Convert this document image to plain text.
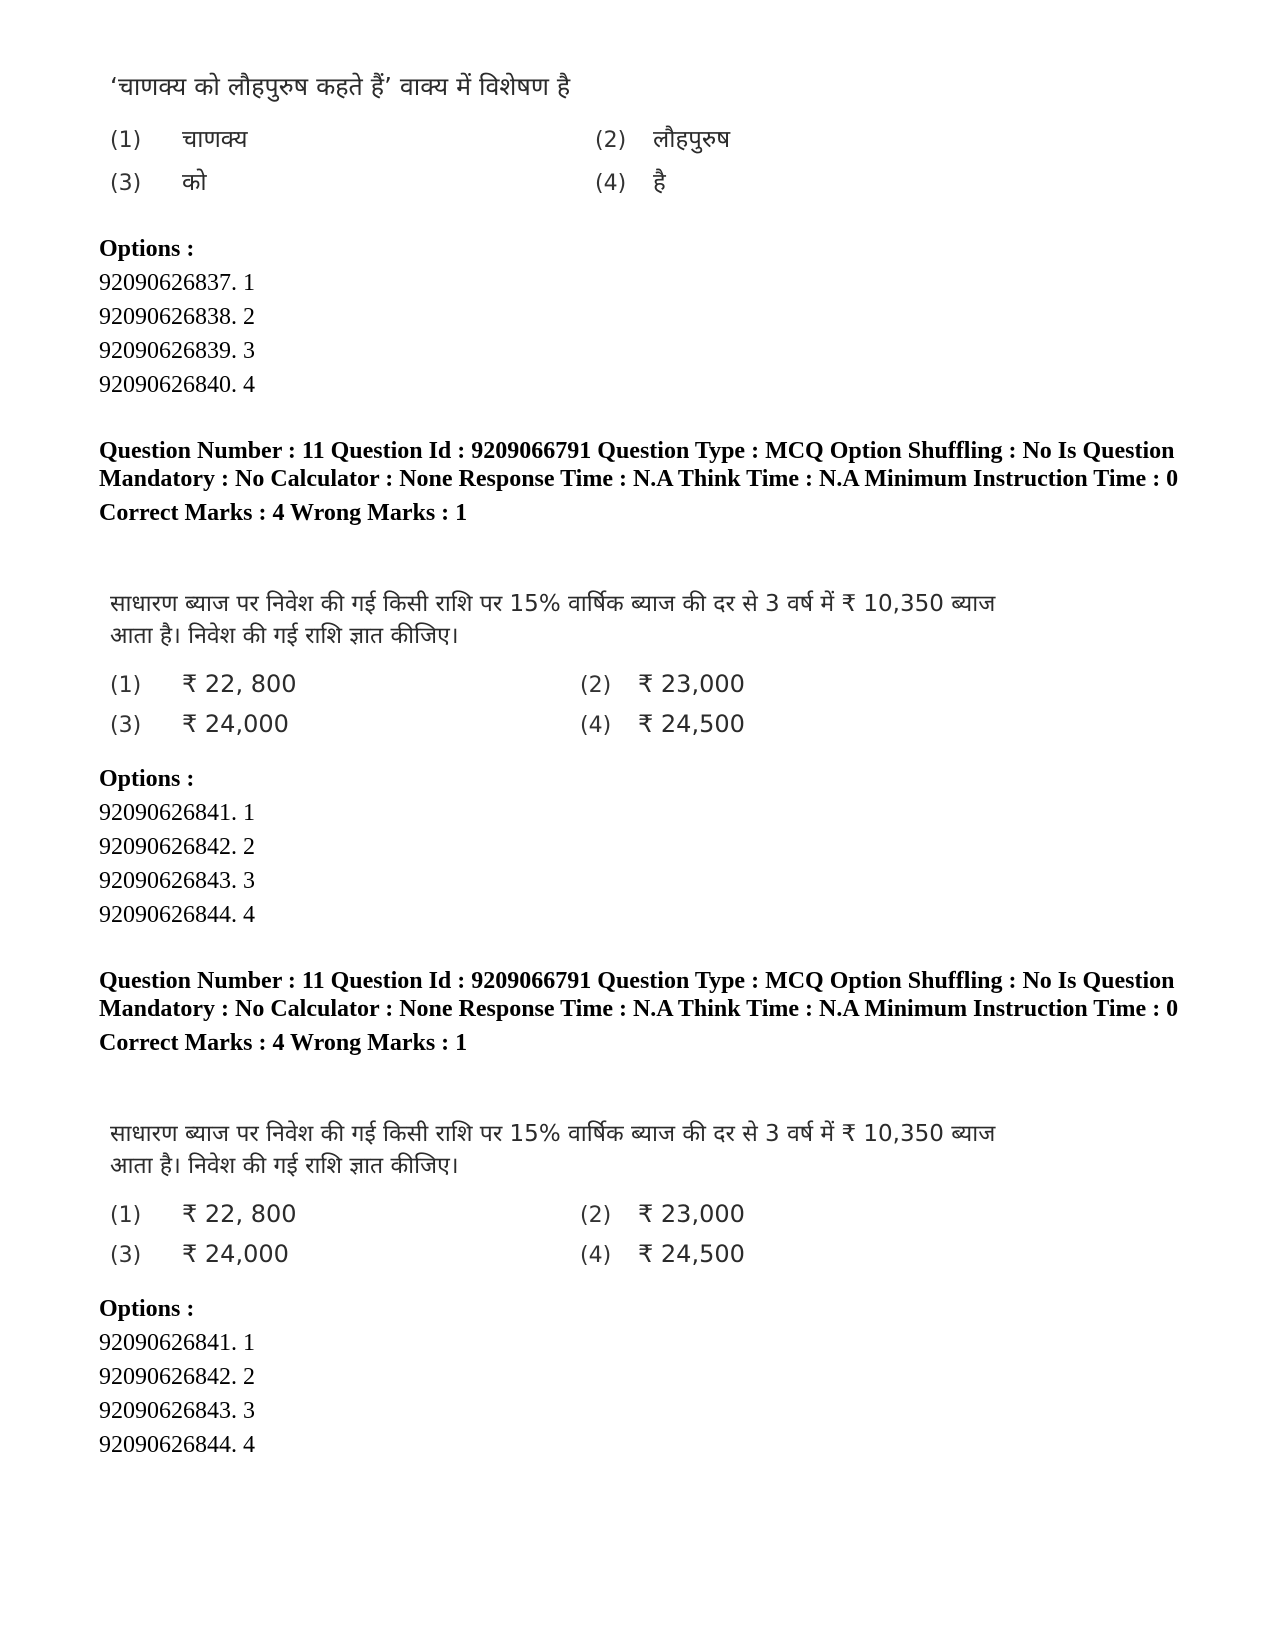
‘चाणक्य को लौहपुरुष कहते हैं’ वाक्य में विशेषण है

(1)	चाणक्य	(2)	लौहपुरुष
(3)	को	(4)	है

Options :

92090626837. 1

92090626838. 2

92090626839. 3

92090626840. 4

Question Number : 11 Question Id : 9209066791 Question Type : MCQ Option Shuffling : No Is Question Mandatory : No Calculator : None Response Time : N.A Think Time : N.A Minimum Instruction Time : 0

Correct Marks : 4 Wrong Marks : 1

साधारण ब्याज पर निवेश की गई किसी राशि पर 15% वार्षिक ब्याज की दर से 3 वर्ष में ₹ 10,350 ब्याज

आता है। निवेश की गई राशि ज्ञात कीजिए।

(1)	₹ 22, 800	(2)	₹ 23,000
(3)	₹ 24,000	(4)	₹ 24,500

Options :

92090626841. 1

92090626842. 2

92090626843. 3

92090626844. 4

Question Number : 11 Question Id : 9209066791 Question Type : MCQ Option Shuffling : No Is Question Mandatory : No Calculator : None Response Time : N.A Think Time : N.A Minimum Instruction Time : 0

Correct Marks : 4 Wrong Marks : 1

साधारण ब्याज पर निवेश की गई किसी राशि पर 15% वार्षिक ब्याज की दर से 3 वर्ष में ₹ 10,350 ब्याज

आता है। निवेश की गई राशि ज्ञात कीजिए।

(1)	₹ 22, 800	(2)	₹ 23,000
(3)	₹ 24,000	(4)	₹ 24,500

Options :

92090626841. 1

92090626842. 2

92090626843. 3

92090626844. 4
